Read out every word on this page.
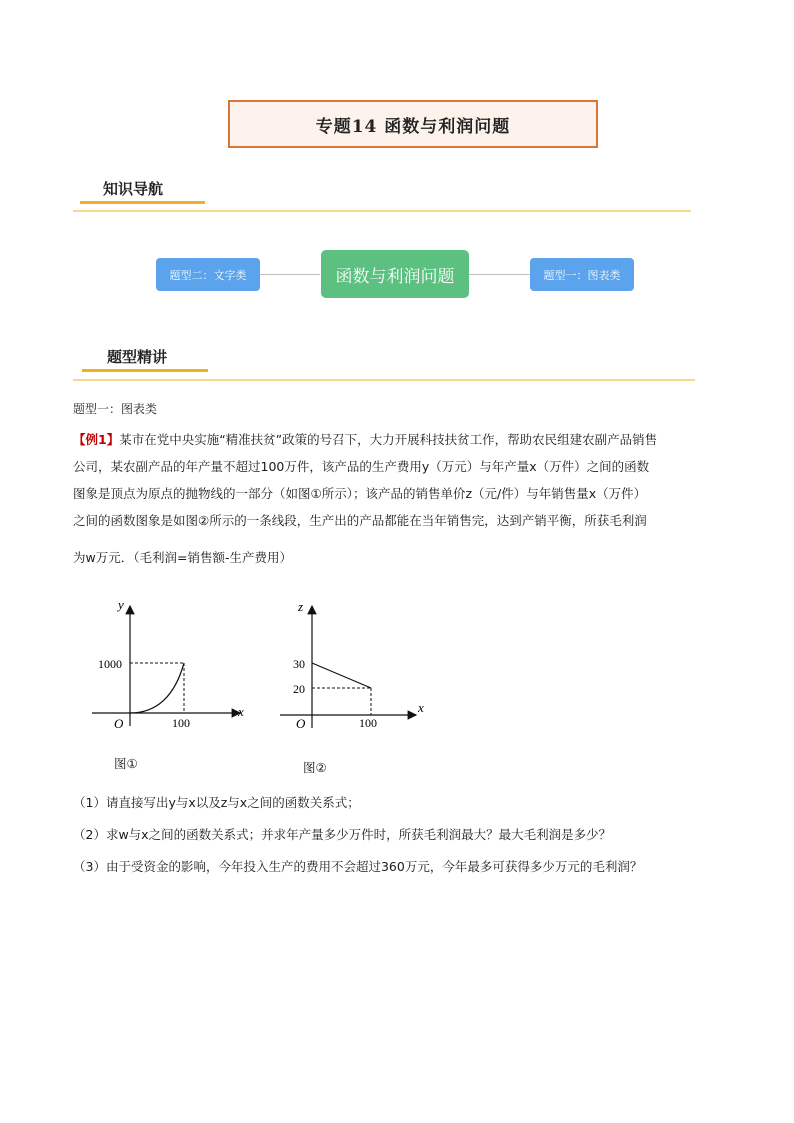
专题14 函数与利润问题
知识导航
题型二：文字类	函数与利润问题	题型一：图表类
题型精讲
题型一：图表类
【例1】某市在党中央实施“精准扶贫”政策的号召下，大力开展科技扶贫工作，帮助农民组建农副产品销售
公司，某农副产品的年产量不超过100万件，该产品的生产费用y（万元）与年产量x（万件）之间的函数
图象是顶点为原点的抛物线的一部分（如图①所示）；该产品的销售单价z（元/件）与年销售量x（万件）
之间的函数图象是如图②所示的一条线段，生产出的产品都能在当年销售完，达到产销平衡，所获毛利润
为w万元．（毛利润=销售额-生产费用）
y
x
O
1000
100
图①
z
x
O
30
20
100
图②
（1）请直接写出y与x以及z与x之间的函数关系式；
（2）求w与x之间的函数关系式；并求年产量多少万件时，所获毛利润最大？最大毛利润是多少？
（3）由于受资金的影响，今年投入生产的费用不会超过360万元，今年最多可获得多少万元的毛利润？
